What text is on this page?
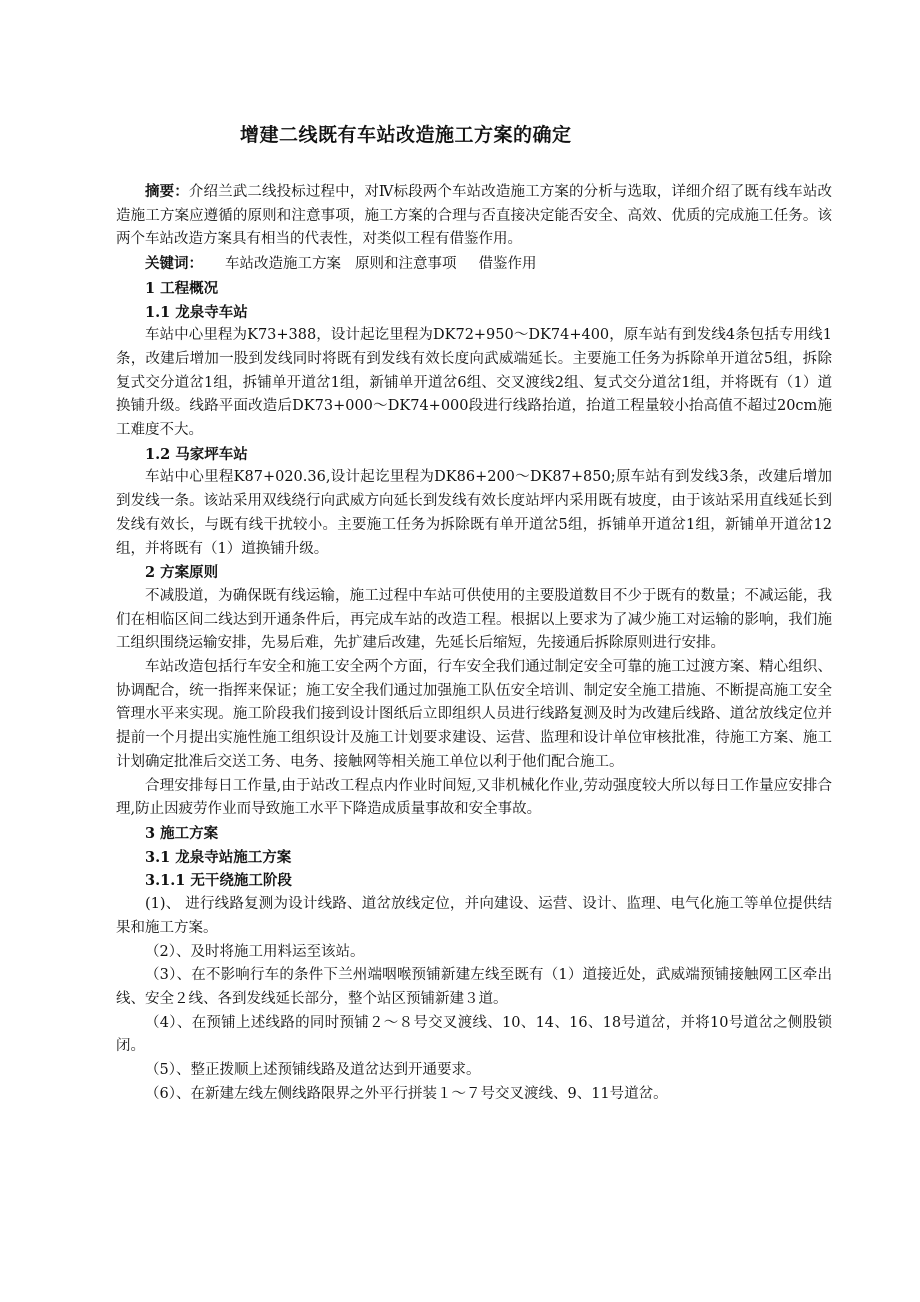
增建二线既有车站改造施工方案的确定

摘要：介绍兰武二线投标过程中，对Ⅳ标段两个车站改造施工方案的分析与选取，详细介绍了既有线车站改造施工方案应遵循的原则和注意事项，施工方案的合理与否直接决定能否安全、高效、优质的完成施工任务。该两个车站改造方案具有相当的代表性，对类似工程有借鉴作用。

关键词： 车站改造施工方案 原则和注意事项 借鉴作用

1 工程概况

1.1 龙泉寺车站

车站中心里程为K73+388，设计起讫里程为DK72+950～DK74+400，原车站有到发线4条包括专用线1条，改建后增加一股到发线同时将既有到发线有效长度向武威端延长。主要施工任务为拆除单开道岔5组，拆除复式交分道岔1组，拆铺单开道岔1组，新铺单开道岔6组、交叉渡线2组、复式交分道岔1组，并将既有（1）道换铺升级。线路平面改造后DK73+000～DK74+000段进行线路抬道，抬道工程量较小抬高值不超过20cm施工难度不大。

1.2 马家坪车站

车站中心里程K87+020.36,设计起讫里程为DK86+200～DK87+850;原车站有到发线3条，改建后增加到发线一条。该站采用双线绕行向武威方向延长到发线有效长度站坪内采用既有坡度，由于该站采用直线延长到发线有效长，与既有线干扰较小。主要施工任务为拆除既有单开道岔5组，拆铺单开道岔1组，新铺单开道岔12组，并将既有（1）道换铺升级。

2 方案原则

不减股道，为确保既有线运输，施工过程中车站可供使用的主要股道数目不少于既有的数量；不减运能，我们在相临区间二线达到开通条件后，再完成车站的改造工程。根据以上要求为了减少施工对运输的影响，我们施工组织围绕运输安排，先易后难，先扩建后改建，先延长后缩短，先接通后拆除原则进行安排。

车站改造包括行车安全和施工安全两个方面，行车安全我们通过制定安全可靠的施工过渡方案、精心组织、协调配合，统一指挥来保证；施工安全我们通过加强施工队伍安全培训、制定安全施工措施、不断提高施工安全管理水平来实现。施工阶段我们接到设计图纸后立即组织人员进行线路复测及时为改建后线路、道岔放线定位并提前一个月提出实施性施工组织设计及施工计划要求建设、运营、监理和设计单位审核批准，待施工方案、施工计划确定批准后交送工务、电务、接触网等相关施工单位以利于他们配合施工。

合理安排每日工作量,由于站改工程点内作业时间短,又非机械化作业,劳动强度较大所以每日工作量应安排合理,防止因疲劳作业而导致施工水平下降造成质量事故和安全事故。

3 施工方案

3.1 龙泉寺站施工方案

3.1.1 无干绕施工阶段

(1)、 进行线路复测为设计线路、道岔放线定位，并向建设、运营、设计、监理、电气化施工等单位提供结果和施工方案。

（2）、及时将施工用料运至该站。

（3）、在不影响行车的条件下兰州端咽喉预铺新建左线至既有（1）道接近处，武威端预铺接触网工区牵出线、安全２线、各到发线延长部分，整个站区预铺新建３道。

（4）、在预铺上述线路的同时预铺２～８号交叉渡线、10、14、16、18号道岔，并将10号道岔之侧股锁闭。

（5）、整正拨顺上述预铺线路及道岔达到开通要求。

（6）、在新建左线左侧线路限界之外平行拼装１～７号交叉渡线、9、11号道岔。
